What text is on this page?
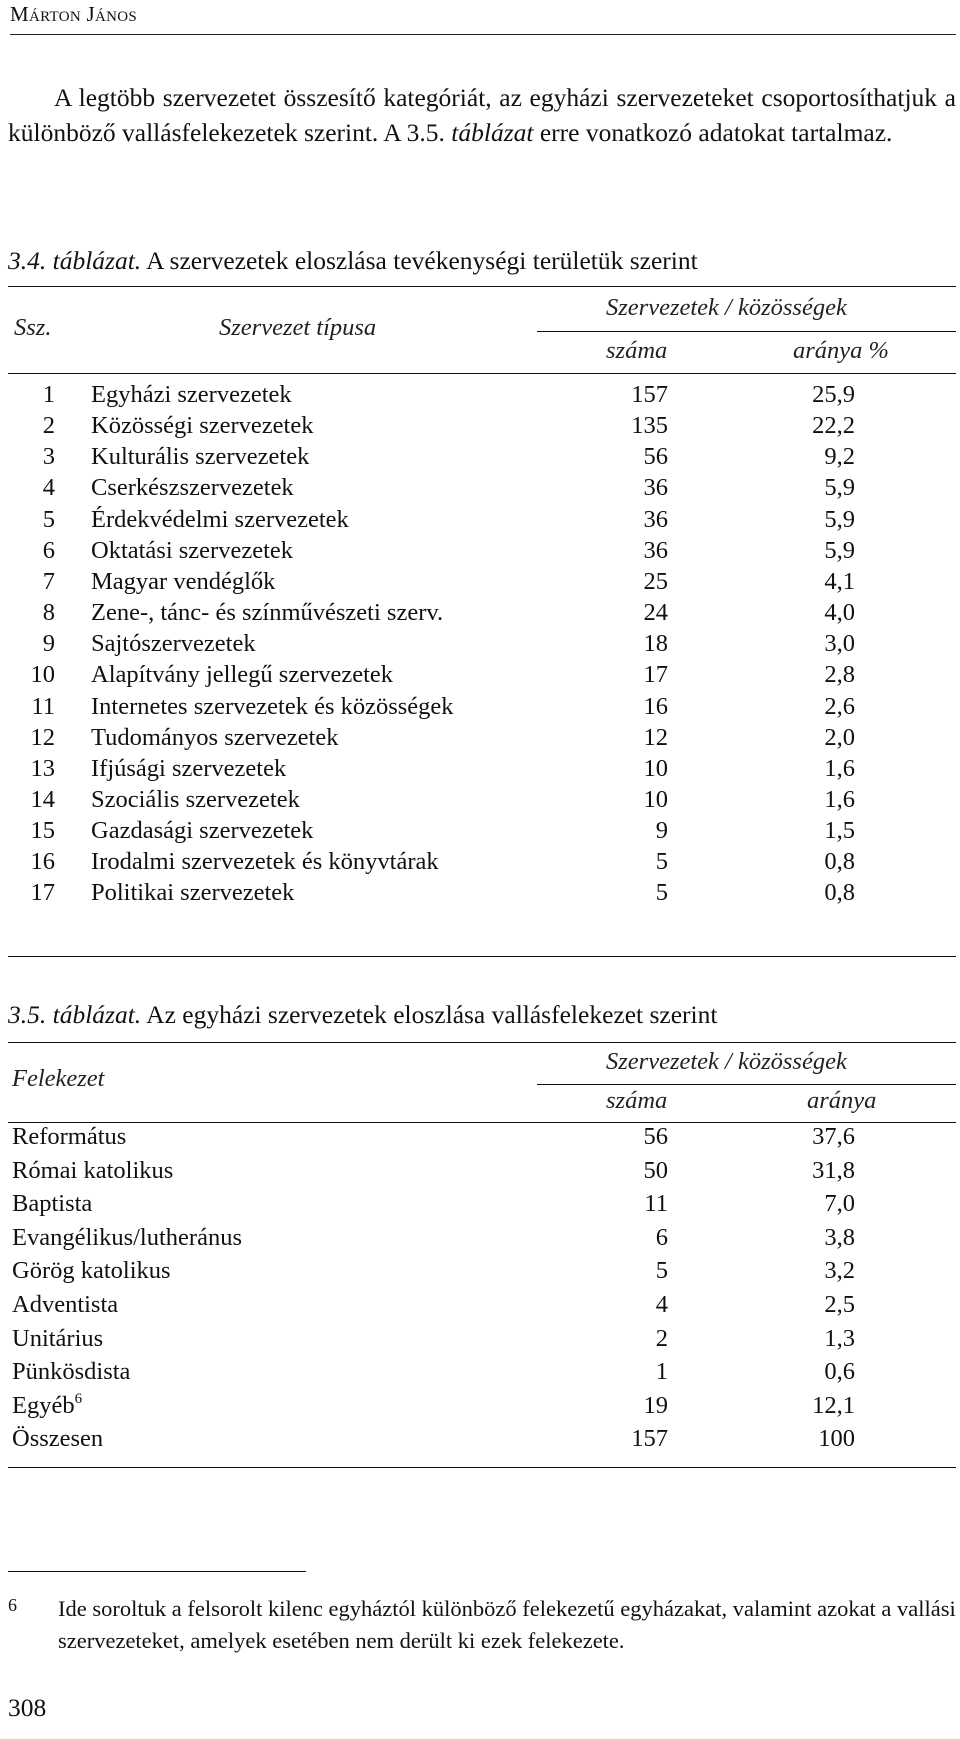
Márton János
A legtöbb szervezetet összesítő kategóriát, az egyházi szervezeteket csoportosíthatjuk a különböző vallásfelekezetek szerint. A 3.5. táblázat erre vonatkozó adatokat tartalmaz.
3.4. táblázat. A szervezetek eloszlása tevékenységi területük szerint
Ssz.	Szervezet típusa
Szervezetek / közösségek
száma	aránya %
1 Egyházi szervezetek	157	25,9
2 Közösségi szervezetek	135	22,2
3 Kulturális szervezetek	56	9,2
4 Cserkészszervezetek	36	5,9
5 Érdekvédelmi szervezetek	36	5,9
6 Oktatási szervezetek	36	5,9
7 Magyar vendéglők	25	4,1
8 Zene-, tánc- és színművészeti szerv.	24	4,0
9 Sajtószervezetek	18	3,0
10 Alapítvány jellegű szervezetek	17	2,8
11 Internetes szervezetek és közösségek	16	2,6
12 Tudományos szervezetek	12	2,0
13 Ifjúsági szervezetek	10	1,6
14 Szociális szervezetek	10	1,6
15 Gazdasági szervezetek	9	1,5
16 Irodalmi szervezetek és könyvtárak	5	0,8
17 Politikai szervezetek	5	0,8
3.5. táblázat. Az egyházi szervezetek eloszlása vallásfelekezet szerint
Felekezet
Szervezetek / közösségek
száma	aránya
Református	56	37,6
Római katolikus	50	31,8
Baptista	11	7,0
Evangélikus/lutheránus	6	3,8
Görög katolikus	5	3,2
Adventista	4	2,5
Unitárius	2	1,3
Pünkösdista	1	0,6
Egyéb$^6$	19	12,1
Összesen	157	100
6 Ide soroltuk a felsorolt kilenc egyháztól különböző felekezetű egyházakat, valamint azokat a vallási szervezeteket, amelyek esetében nem derült ki ezek felekezete.
308
